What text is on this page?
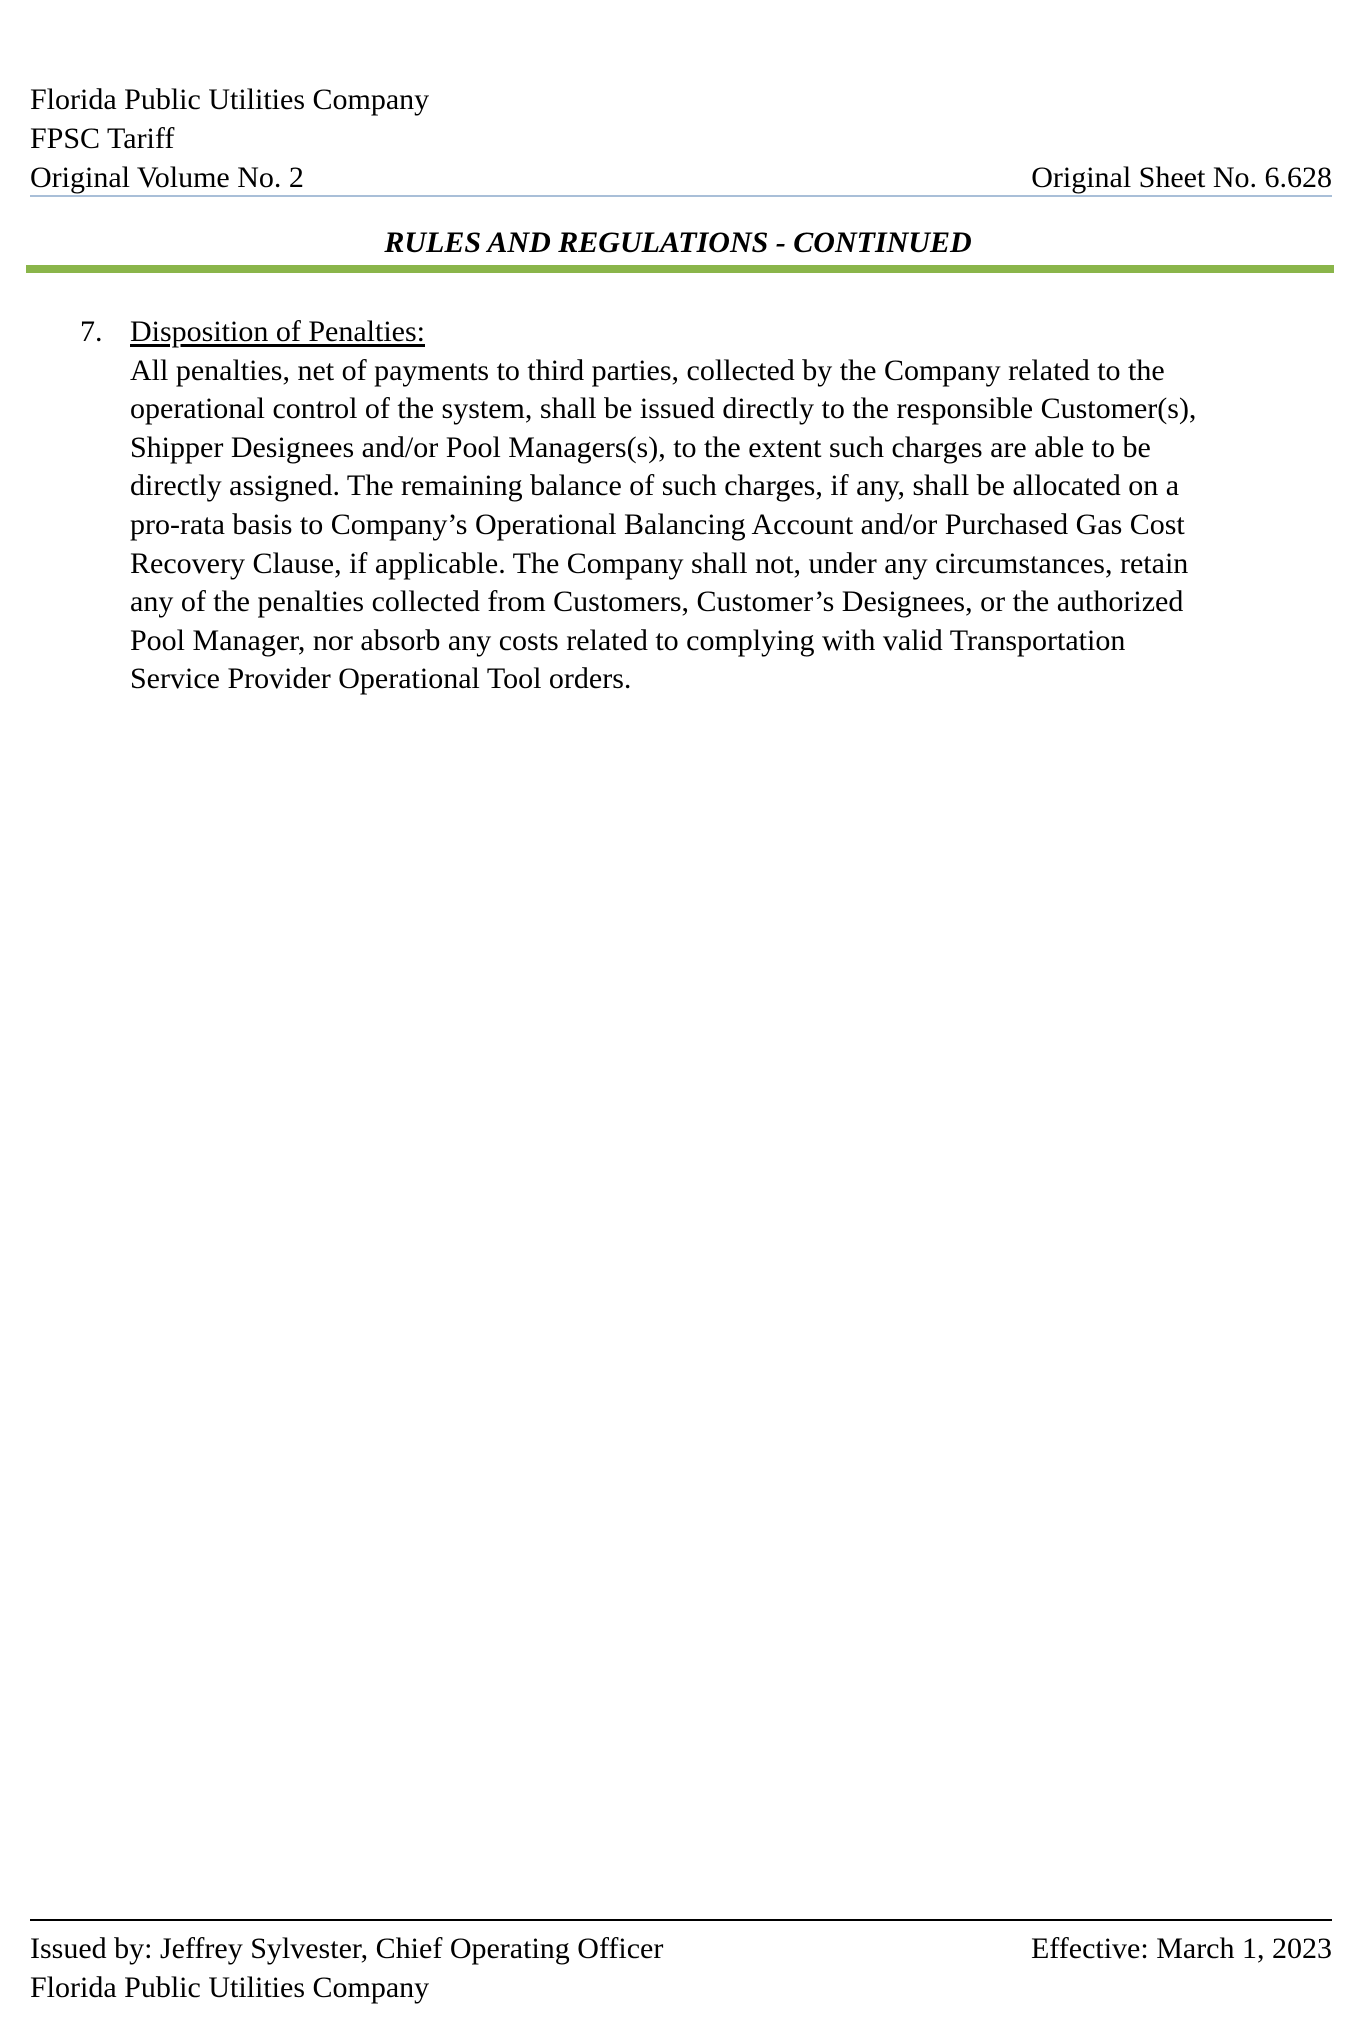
Florida Public Utilities Company
FPSC Tariff
Original Volume No. 2	Original Sheet No. 6.628
RULES AND REGULATIONS - CONTINUED
7. Disposition of Penalties:
All penalties, net of payments to third parties, collected by the Company related to the
operational control of the system, shall be issued directly to the responsible Customer(s),
Shipper Designees and/or Pool Managers(s), to the extent such charges are able to be
directly assigned. The remaining balance of such charges, if any, shall be allocated on a
pro-rata basis to Company’s Operational Balancing Account and/or Purchased Gas Cost
Recovery Clause, if applicable. The Company shall not, under any circumstances, retain
any of the penalties collected from Customers, Customer’s Designees, or the authorized
Pool Manager, nor absorb any costs related to complying with valid Transportation
Service Provider Operational Tool orders.
Issued by: Jeffrey Sylvester, Chief Operating Officer	Effective: March 1, 2023
Florida Public Utilities Company
